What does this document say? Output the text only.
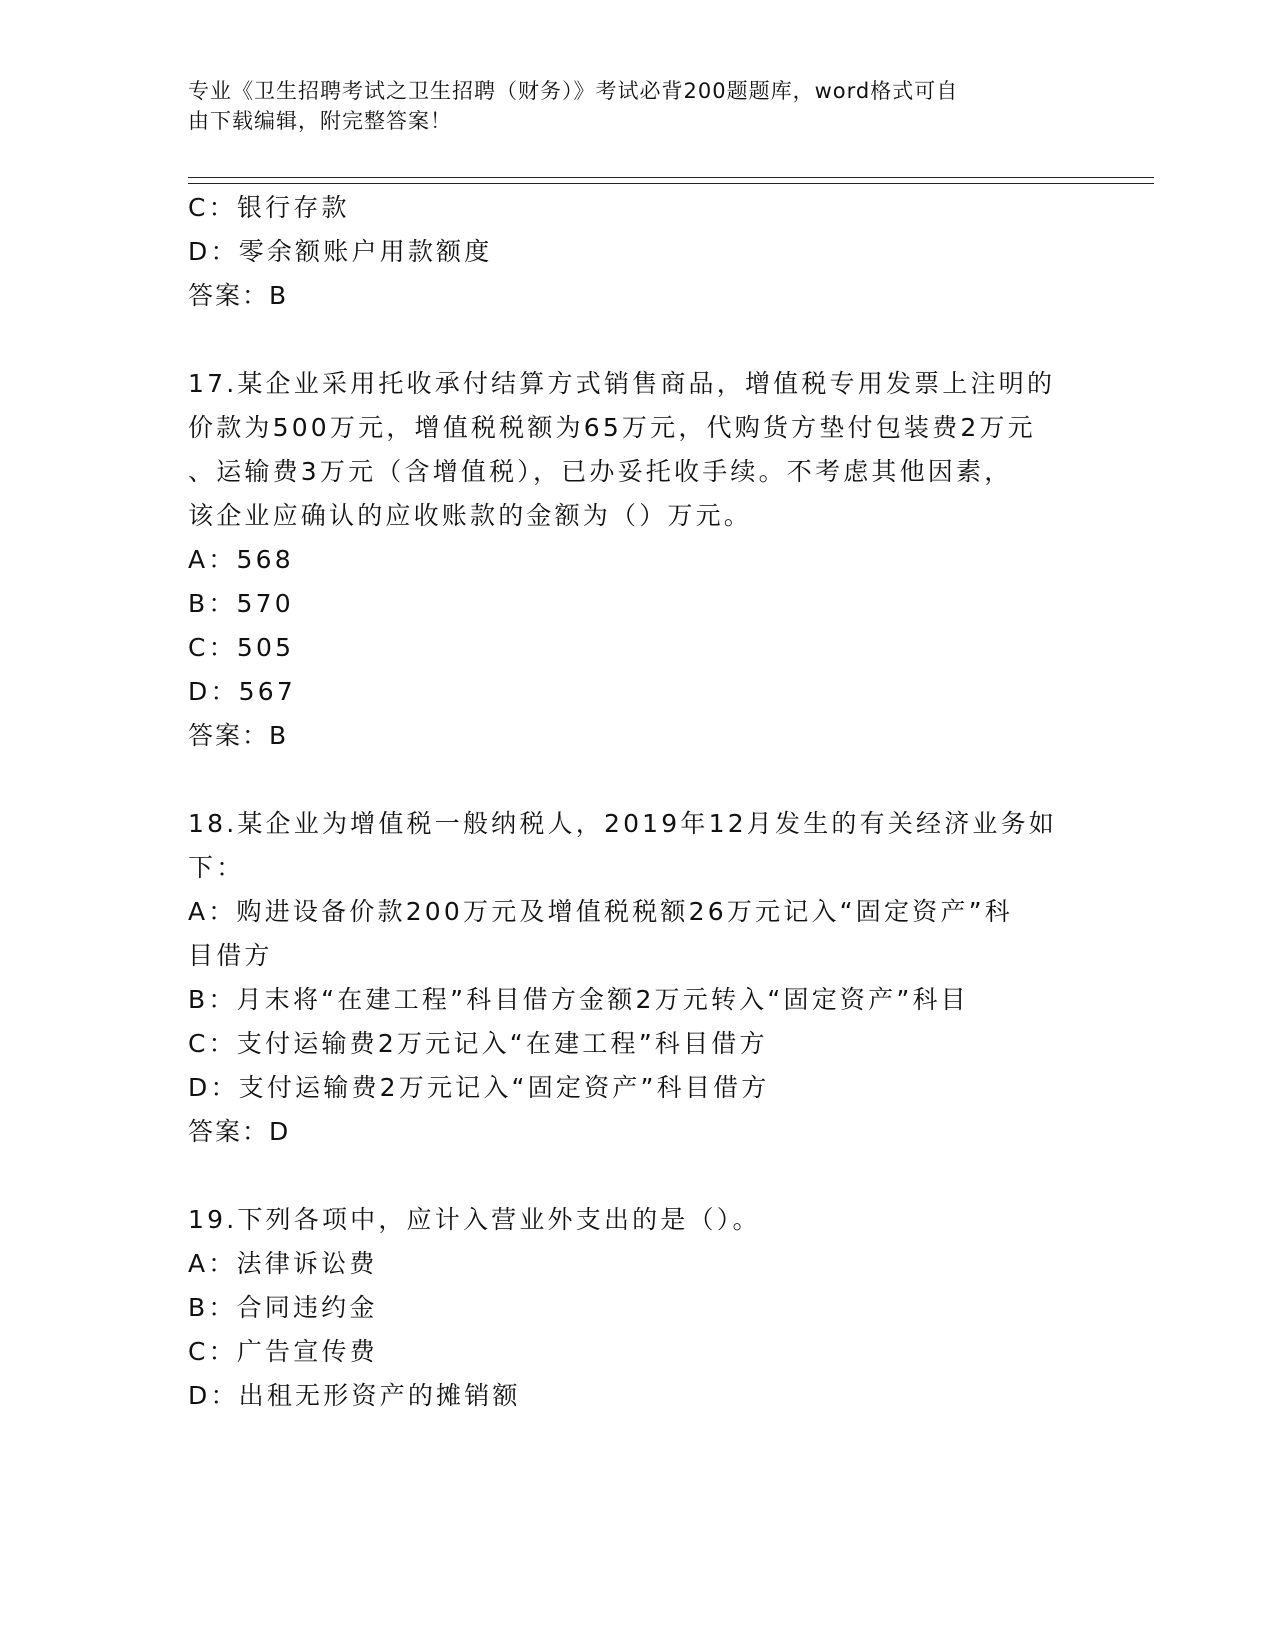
专业《卫生招聘考试之卫生招聘（财务）》考试必背200题题库，word格式可自
由下载编辑，附完整答案！
C：银行存款
D：零余额账户用款额度
答案：B
17.某企业采用托收承付结算方式销售商品，增值税专用发票上注明的
价款为500万元，增值税税额为65万元，代购货方垫付包装费2万元
、运输费3万元（含增值税），已办妥托收手续。不考虑其他因素，
该企业应确认的应收账款的金额为（）万元。
A：568
B：570
C：505
D：567
答案：B
18.某企业为增值税一般纳税人，2019年12月发生的有关经济业务如
下：
A：购进设备价款200万元及增值税税额26万元记入“固定资产”科
目借方
B：月末将“在建工程”科目借方金额2万元转入“固定资产”科目
C：支付运输费2万元记入“在建工程”科目借方
D：支付运输费2万元记入“固定资产”科目借方
答案：D
19.下列各项中，应计入营业外支出的是（）。
A：法律诉讼费
B：合同违约金
C：广告宣传费
D：出租无形资产的摊销额
